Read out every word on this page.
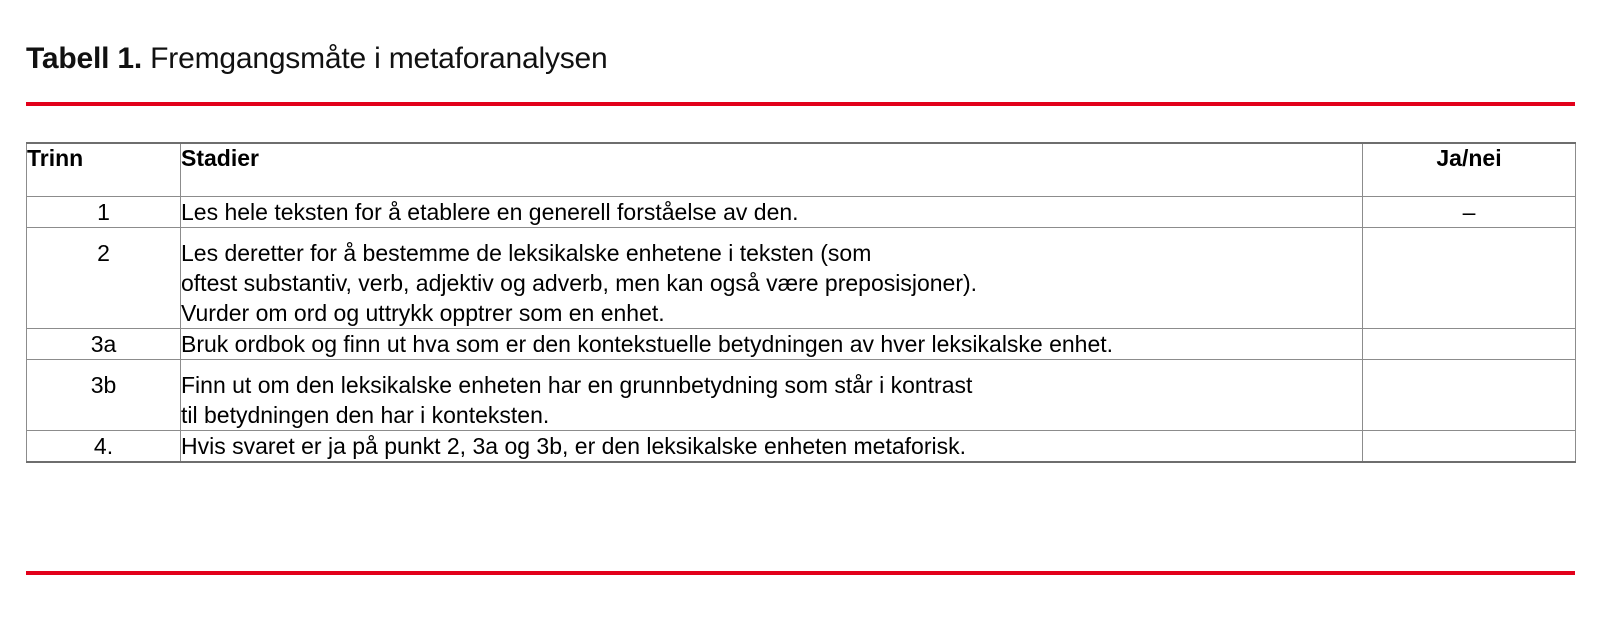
Tabell 1. Fremgangsmåte i metaforanalysen
Trinn	Stadier	Ja/nei
1	Les hele teksten for å etablere en generell forståelse av den.	–
2	Les deretter for å bestemme de leksikalske enhetene i teksten (som
oftest substantiv, verb, adjektiv og adverb, men kan også være preposisjoner).
Vurder om ord og uttrykk opptrer som en enhet.	

3a	Bruk ordbok og finn ut hva som er den kontekstuelle betydningen av hver leksikalske enhet.	

3b	Finn ut om den leksikalske enheten har en grunnbetydning som står i kontrast
til betydningen den har i konteksten.	

4.	Hvis svaret er ja på punkt 2, 3a og 3b, er den leksikalske enheten metaforisk.	
